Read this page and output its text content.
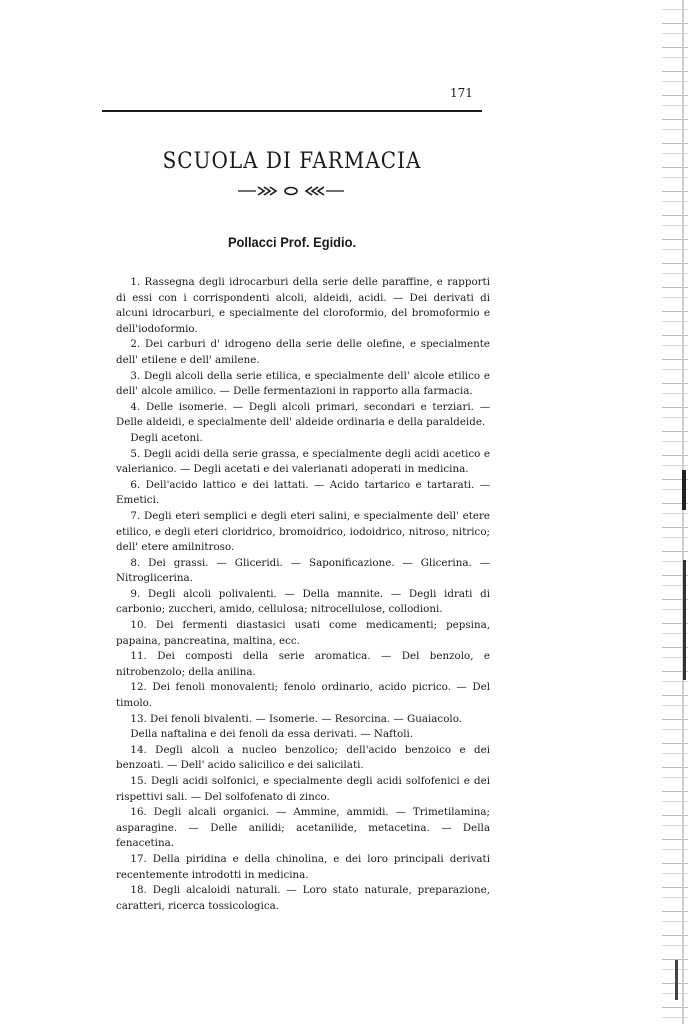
171
SCUOLA DI FARMACIA
Pollacci Prof. Egidio.

1. Rassegna degli idrocarburi della serie delle paraffine, e rapporti di essi con i corrispondenti alcoli, aldeidi, acidi. — Dei derivati di alcuni idrocarburi, e specialmente del cloroformio, del bromoformio e dell'iodoformio.

2. Dei carburi d' idrogeno della serie delle olefine, e specialmente dell' etilene e dell' amilene.

3. Degli alcoli della serie etilica, e specialmente dell' alcole etilico e dell' alcole amilico. — Delle fermentazioni in rapporto alla farmacia.

4. Delle isomerie. — Degli alcoli primari, secondari e terziari. — Delle aldeidi, e specialmente dell' aldeide ordinaria e della paraldeide.

Degli acetoni.

5. Degli acidi della serie grassa, e specialmente degli acidi acetico e valerianico. — Degli acetati e dei valerianati adoperati in medicina.

6. Dell'acido lattico e dei lattati. — Acido tartarico e tartarati. — Emetici.

7. Degli eteri semplici e degli eteri salini, e specialmente dell' etere etilico, e degli eteri cloridrico, bromoidrico, iodoidrico, nitroso, nitrico; dell' etere amilnitroso.

8. Dei grassi. — Gliceridi. — Saponificazione. — Glicerina. — Nitroglicerina.

9. Degli alcoli polivalenti. — Della mannite. — Degli idrati di carbonio; zuccheri, amido, cellulosa; nitrocellulose, collodioni.

10. Dei fermenti diastasici usati come medicamenti; pepsina, papaina, pancreatina, maltina, ecc.

11. Dei composti della serie aromatica. — Del benzolo, e nitrobenzolo; della anilina.

12. Dei fenoli monovalenti; fenolo ordinario, acido picrico. — Del timolo.

13. Dei fenoli bivalenti. — Isomerie. — Resorcina. — Guaiacolo.

Della naftalina e dei fenoli da essa derivati. — Naftoli.

14. Degli alcoli a nucleo benzolico; dell'acido benzoico e dei benzoati. — Dell' acido salicilico e dei salicilati.

15. Degli acidi solfonici, e specialmente degli acidi solfofenici e dei rispettivi sali. — Del solfofenato di zinco.

16. Degli alcali organici. — Ammine, ammidi. — Trimetilamina; asparagine. — Delle anilidi; acetanilide, metacetina. — Della fenacetina.

17. Della piridina e della chinolina, e dei loro principali derivati recentemente introdotti in medicina.

18. Degli alcaloidi naturali. — Loro stato naturale, preparazione, caratteri, ricerca tossicologica.
